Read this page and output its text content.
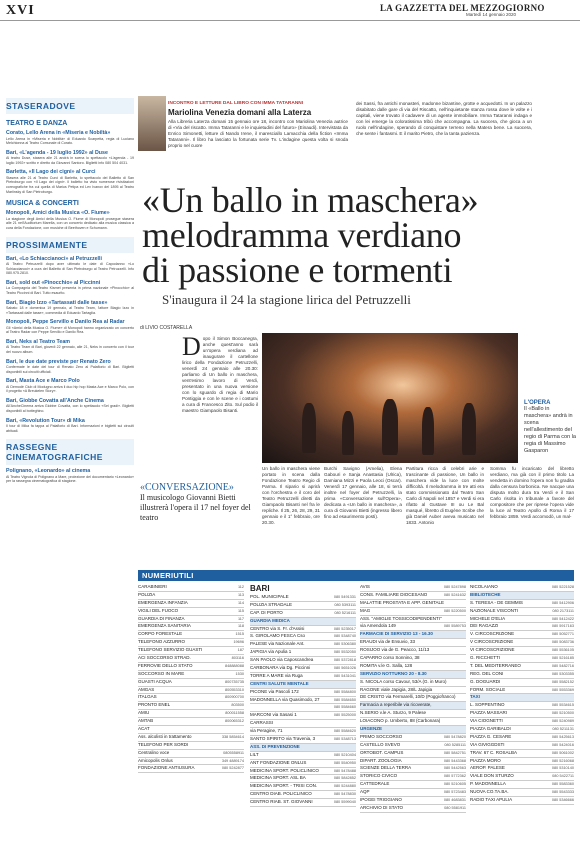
XVI	LA GAZZETTA DEL MEZZOGIORNO
Martedì 14 gennaio 2020
STASERADOVE
TEATRO E DANZA
Corato, Lello Arena in «Miseria e Nobiltà»
Lello Arena in «Miseria e Nobiltà» di Eduardo Scarpetta, regia di Luciano Melchionna al Teatro Comunale di Corato.
Bari, «L'agenda - 19 luglio 1992» al Duse
Al teatro Duse, stasera alle 21 andrà in scena lo spettacolo «L'agenda - 19 luglio 1992» scritto e diretto da Giovanni Santoro. Biglietti info 080 504 4031.
Barletta, «Il Lago dei cigni» al Curci
Stasera alle 21 al Teatro Curci di Barletta, lo spettacolo del Balletto di San Pietroburgo con «Il Lago dei cigni». Il balletto ha visto numerose rivisitazioni coreografiche fra cui quella di Marius Petipa ed Lev Ivanov del 1895 al Teatro Mariinsky di San Pietroburgo.
MUSICA & CONCERTI
Monopoli, Amici della Musica «O. Fiume»
La stagione degli Amici della Musica O. Fiume di Monopoli prosegue stasera alle 21 nell'Auditorium Marella, con un concerto dedicato alla musica classica a cura della Fondazione, con musiche di Beethoven e Schumann.
PROSSIMAMENTE
Bari, «Lo Schiaccianoci» al Petruzzelli
Al Teatro Petruzzelli dopo aver ultimato le date di Capodanno «Lo Schiaccianoci» a cura del Balletto di San Pietroburgo al Teatro Petruzzelli. Info 080.975.2810.
Bari, sold out «Pinocchio» al Piccinni
La Compagnia del Teatro Kismet presenta in prima nazionale «Pinocchio» al Teatro Piccinni di Bari. Tutto esaurito.
Bari, Biagio Izzo «Tartassati dalle tasse»
Sabato 18 e domenica 19 gennaio, al Teatro Team, l'attore Biagio Izzo in «Tartassati dalle tasse», commedia di Eduardo Tartaglia.
Monopoli, Peppe Servillo e Danilo Rea al Radar
Gli «Amici della Musica O. Fiume» di Monopoli hanno organizzato un concerto al Teatro Radar con Peppe Servillo e Danilo Rea.
Bari, Neks al Teatro Team
Al Teatro Team di Bari, giovedì 22 gennaio, alle 21, Neks in concerto con il tour del nuovo album.
Bari, le due date previste per Renato Zero
Confermate le date del tour di Renato Zero al Palaflorio di Bari. Biglietti disponibili sui circuiti ufficiali.
Bari, Masta Ace e Marco Polo
Al Demodè Club di Modugno arriva il duo hip hop Masta Ace e Marco Polo, con il progetto «A Breukelen Story».
Bari, Giobbe Covatta all'Anche Cinema
All'AncheCinema arriva Giobbe Covatta, con lo spettacolo «Sei gradi». Biglietti disponibili al botteghino.
Bari, «Revolution Tour» di Mika
Il tour di Mika fa tappa al Palaflorio di Bari. Informazioni e biglietti sui circuiti abituali.
RASSEGNE CINEMATOGRAFICHE
Polignano, «Leonardo» al cinema
Al Teatro Vignola di Polignano a Mare, proiezione del documentario «Leonardo» per la rassegna cinematografica di stagione.
INCONTRO E LETTURE DAL LIBRO CON IMMA TATARANNI
Mariolina Venezia domani alla Laterza
Alla Libreria Laterza domani 15 gennaio ore 18, incontro con Mariolina Venezia autrice di «Via del riscatto. Imma Tataranni e le inquietudini del futuro» (Einaudi). Intervistata da Enrico Simonetti, letture di Nando Irene, il maresciallo Lamacchia della fiction «Imma Tataranni». Il libro ha lasciato la fortunata serie Tv. L'indagine questa volta si snoda proprio nel cuore
dei Sassi, fra antichi monasteri, madonne bizantine, grotte e acquedotti. In un palazzo disabitato dalle gare di via del Riscatto, nell'inquietante stanza rossa dove le volte e i capitali, viene trovato il cadavere di un agente immobiliare. Imma Tataranni indaga e con lei emerge la coloratissima tribù che accompagna. La suocera, che gioca a un ruolo nell'indagine, sperando di conquistare terreno nella Matera bene. La suocera, che sente i fantasmi. E il marito Pietro, che la tanta pazienza.
«Un ballo in maschera»
melodramma verdiano
di passione e tormenti
S'inaugura il 24 la stagione lirica del Petruzzelli
di LIVIO COSTARELLA
L'OPERA
Il «Ballo in maschera» andrà in scena nell'allestimento del regio di Parma con la regia di Massimo Gasparon
Dopo il Simon Boccanegra, anche quest'anno sarà un'opera verdiana ad inaugurare il cartellone lirico della Fondazione Petruzzelli, venerdì 24 gennaio alle 20.30: parliamo di Un ballo in maschera, vent'esimo lavoro di Verdi, presentato in una nuova versione con lo sguardo di regia di Mario Pontiggia e con le scene e i costumi a cura di Francesco Zito. Sul podio il maestro Giampaolo Bisanti.
Un ballo in maschera viene portato in scena dalla Fondazione Teatro Regio di Parma. Il sipario si aprirà con l'orchestra e il coro del Teatro Petruzzelli diretti da Giampaolo Bisanti nel fra le repliche. Il 25, 26, 28, 29, 31 gennaio e il 1° febbraio, ore 20.30.
Burchi Savigno (Amelia), Elena Gabouri e Sanja Anastasia (Ulrica), Damiana Mizzi e Paola Leoci (Oscar). Venerdì 17 gennaio, alle 18, si terrà inoltre nel foyer del Petruzzelli, la prima «Conversazione sull'Opera», dedicata a «Un ballo in maschera», a cura di Giovanni Bietti (ingresso libero fino ad esaurimento posti).
Partitura ricca di celebri arie e trascinante di passione, Un ballo in maschera vide la luce con molte difficoltà. Il melodramma in tre atti era stato commissionato dal Teatro San Carlo di Napoli nel 1857 e Verdi si era rifatto al Gustave III ou Le Bal masqué, libretto di Eugène Scribe che già Daniel Auber aveva musicato nel 1833. Antonio
Somma fu incaricato del libretto verdiano, ma già con il primo titolo La vendetta in domino l'opera non fu gradita dalla censura borbonica. Ne nacque una disputa molto dura tra Verdi e il San Carlo risolta in tribunale a favore del compositore che per riprese l'opera vide la luce al Teatro Apollo di Roma il 17 febbraio 1859. Verdi accomodò, un mal-
«CONVERSAZIONE»
Il musicologo Giovanni Bietti illustrerà l'opera il 17 nel foyer del teatro
NUMERIUTILI
CARABINIERI	112
POLIZIA	113
EMERGENZA INFANZIA	114
VIGILI DEL FUOCO	115
GUARDIA DI FINANZA	117
EMERGENZA SANITARIA	118
CORPO FORESTALE	1515
TELEFONO AZZURRO	19696
TELEFONO SERVIZIO GUASTI	187
ACI SOCCORSO STRAD.	803116
FERROVIE DELLO STATO	848888088
SOCCORSO IN MARE	1530
GUASTI ACQUA	800735735
AMGAS	800553310
ITALGAS	800900700
PRONTO ENEL	803500
AMIU	800011558
AMTAB	800065312
ACAT
Ass. alcolisti in trattamento	338 5854614
TELEFONO PER SORDI
Centralino voce	0805558911
Amicopolis Onlus	349 4889174
FONDAZIONE ANTIUSURA	080 5242877
BARI
POL. MUNICIPALE	080 5491331
POLIZIA STRADALE	080 5393111
CAP. DI PORTO	080 5216111
GUARDIA MEDICA
CENTRO via S. Fr. d'Assisi	080 5235017
S. GIROLAMO FESCA Cso	080 5348740
PALESE via Nazionale Ant.	080 5306380
JAPIGIA via Apulia 1	080 5532050
SAN PAOLO via Caposcandrea	080 5372818
CARBONARA via Dg. Piccinni	080 5651026
TORRE A MARE via Ruga	080 5431041
CENTRI SALUTE MENTALE
PICONE via Pascoli 172	080 5584800
MADONNELLA via Quasimodo, 27	080 5584650
080 5584660
MARCONI via Sasasi 1	080 5525000
CARRASSI
via Peragine, 71	080 5584620
SANTO SPIRITO via Travenia, 3	080 5348713
ASS. DI PREVENZIONE
LILT	080 5210404
ANT FONDAZIONE ONLUS	080 5540950
MEDICINA SPORT. POLICLINICO	080 5478488
MEDICINA SPORT. ASL BA	080 5842852
MEDICINA SPORT. - TRISI CON.	080 5244880
CENTRO DIAB. POLICLINICO	080 5478830
CENTRO RIAB. ST. GIOVANNI	080 5599040
AVIS	080 5247898
CONS. FAMILIARE DIOCESANO	080 5241632
MALATTIE PROSTATA E APP. GENITALE
MAG	080 5220500
ASS. "AMIGLIE TOSSICODIPENDENTI"
via Amendola 149	080 5589753
FARMACIE DI SERVIZIO 13 - 16.30
ERAUDI via de Ensuvio, 33
ROSIJOO via de G. Peacco, 11/13
CAPARRO corso Sonnino, 38
ROMITA v.le G. Salla, 128
SERVIZIO NOTTURNO 20 - 8.30
S. NICOLA corso Cavour, 53/A (G. in Muro)
RAGONE viale Japigia, 28/L Japigia
DE CRISTO via Fermarelli, 10/D (Poggiofranco)
Farmacia a reperibile via ricoverate,
N.SERIO v.le A. Sturzo, 9 Palese
LOIACONO p. Umberto, 88 (Carbonara)
URGENZE
PRIMO SOCCORSO	080 5478820
CASTELLO SVEVO	080 5285111
ORTOBOT. CAMPUS	080 5842751
DIPART. ZOOLOGIA	080 5443368
SCIENZE DELLA TERRA	080 5442563
STORICO CIVICO	080 5772362
CATTEDRALE	080 5210605
AQP	080 5723483
IPOGEI TRIGGIANO	080 4683831
ARCHIVIO DI STATO	080 5581911
NICOLAIANO	080 5221528
BIBLIOTECHE
S. TERESA - DE GEMMIS	080 5412906
NAZIONALE VISCONTI	080 2173111
MICHELE D'ELIA	080 5412422
DEI RAGAZZI	080 5917163
V. CIRCOSCRIZIONE	080 5052771
V CIRCOSCRIZIONE	080 5083736
VI CIRCOSCRIZIONE	080 5536105
G. RICCHETTI	080 5216185
T. DEL MEDITERRANEO	080 5482716
REG. DEL CONI	080 5303355
G. DOGUARDI	080 5582152
FORM. SOCIALE	080 5553369
TAXI
L. SOPPENTINO	080 5534615
PIAZZA MASSARI	080 5210500
VIA CIOGNETTI	080 5240989
PIAZZA GARIBALDI	080 5211131
PIAZZA G. CESARE	080 5425613
VIA GIVIGGDSTI	080 5424016
TRAV. 67 C. ROSALBA	080 5061002
PIAZZA MORO	080 5216068
AEROP. PALESE	080 5310140
VIALE DON STURZO	080 5422711
P. MADONNELLA	080 5583360
NUOVA CO.TA.BA.	080 5543333
RADIO TAXI APULIA	080 5346666
